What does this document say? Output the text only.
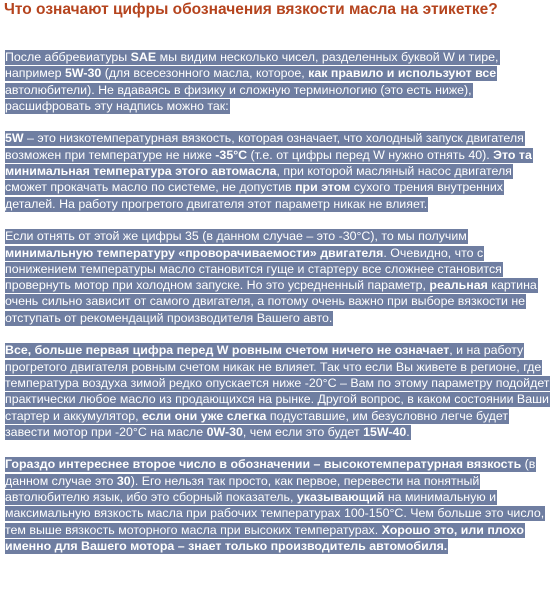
Что означают цифры обозначения вязкости масла на этикетке?

После аббревиатуры SAE мы видим несколько чисел, разделенных буквой W и тире, например 5W-30 (для всесезонного масла, которое, как правило и используют все автолюбители). Не вдаваясь в физику и сложную терминологию (это есть ниже), расшифровать эту надпись можно так:

5W – это низкотемпературная вязкость, которая означает, что холодный запуск двигателя возможен при температуре не ниже -35°С (т.е. от цифры перед W нужно отнять 40). Это та минимальная температура этого автомасла, при которой масляный насос двигателя сможет прокачать масло по системе, не допустив при этом сухого трения внутренних деталей. На работу прогретого двигателя этот параметр никак не влияет.

Если отнять от этой же цифры 35 (в данном случае – это -30°С), то мы получим минимальную температуру «проворачиваемости» двигателя. Очевидно, что с понижением температуры масло становится гуще и стартеру все сложнее становится провернуть мотор при холодном запуске. Но это усредненный параметр, реальная картина очень сильно зависит от самого двигателя, а потому очень важно при выборе вязкости не отступать от рекомендаций производителя Вашего авто.

Все, больше первая цифра перед W ровным счетом ничего не означает, и на работу прогретого двигателя ровным счетом никак не влияет. Так что если Вы живете в регионе, где температура воздуха зимой редко опускается ниже -20°С – Вам по этому параметру подойдет практически любое масло из продающихся на рынке. Другой вопрос, в каком состоянии Ваши стартер и аккумулятор, если они уже слегка подуставшие, им безусловно легче будет завести мотор при -20°С на масле 0W-30, чем если это будет 15W-40.

Гораздо интереснее второе число в обозначении – высокотемпературная вязкость (в данном случае это 30). Его нельзя так просто, как первое, перевести на понятный автолюбителю язык, ибо это сборный показатель, указывающий на минимальную и максимальную вязкость масла при рабочих температурах 100-150°С. Чем больше это число, тем выше вязкость моторного масла при высоких температурах. Хорошо это, или плохо именно для Вашего мотора – знает только производитель автомобиля.
